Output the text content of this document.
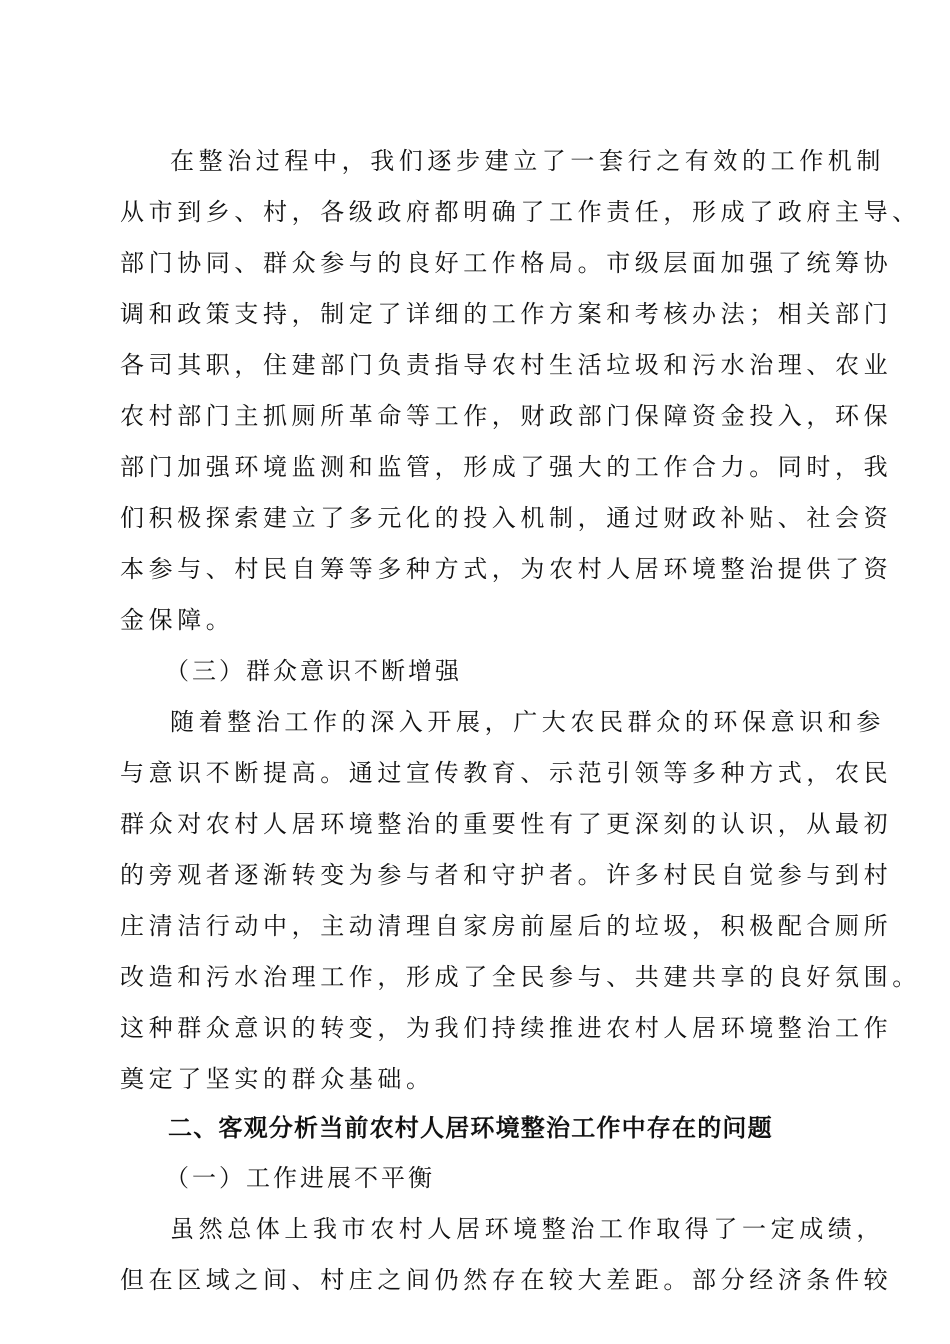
在整治过程中，我们逐步建立了一套行之有效的工作机制
从市到乡、村，各级政府都明确了工作责任，形成了政府主导、
部门协同、群众参与的良好工作格局。市级层面加强了统筹协
调和政策支持，制定了详细的工作方案和考核办法；相关部门
各司其职，住建部门负责指导农村生活垃圾和污水治理、农业
农村部门主抓厕所革命等工作，财政部门保障资金投入，环保
部门加强环境监测和监管，形成了强大的工作合力。同时，我
们积极探索建立了多元化的投入机制，通过财政补贴、社会资
本参与、村民自筹等多种方式，为农村人居环境整治提供了资
金保障。
（三）群众意识不断增强
随着整治工作的深入开展，广大农民群众的环保意识和参
与意识不断提高。通过宣传教育、示范引领等多种方式，农民
群众对农村人居环境整治的重要性有了更深刻的认识，从最初
的旁观者逐渐转变为参与者和守护者。许多村民自觉参与到村
庄清洁行动中，主动清理自家房前屋后的垃圾，积极配合厕所
改造和污水治理工作，形成了全民参与、共建共享的良好氛围。
这种群众意识的转变，为我们持续推进农村人居环境整治工作
奠定了坚实的群众基础。
二、客观分析当前农村人居环境整治工作中存在的问题
（一）工作进展不平衡
虽然总体上我市农村人居环境整治工作取得了一定成绩，
但在区域之间、村庄之间仍然存在较大差距。部分经济条件较
